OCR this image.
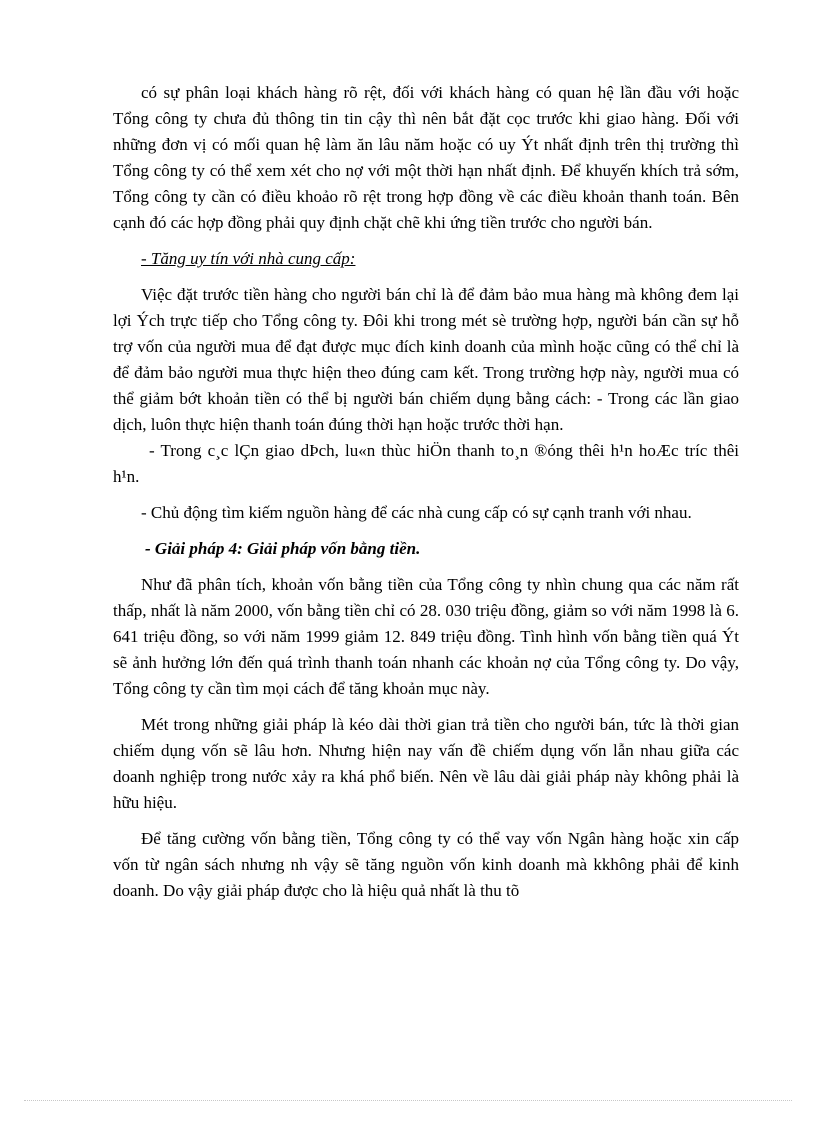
có sự phân loại khách hàng rõ rệt, đối với khách hàng có quan hệ lần đầu với hoặc Tổng công ty chưa đủ thông tin tin cậy thì nên bắt đặt cọc trước khi giao hàng. Đối với những đơn vị có mối quan hệ làm ăn lâu năm hoặc có uy Ýt nhất định trên thị trường thì Tổng công ty có thể xem xét cho nợ với một thời hạn nhất định. Để khuyến khích trả sớm, Tổng công ty cần có điều khoảo rõ rệt trong hợp đồng về các điều khoản thanh toán. Bên cạnh đó các hợp đồng phải quy định chặt chẽ khi ứng tiền trước cho người bán.

- Tăng uy tín với nhà cung cấp:

Việc đặt trước tiền hàng cho người bán chỉ là để đảm bảo mua hàng mà không đem lại lợi Ých trực tiếp cho Tổng công ty. Đôi khi trong mét sè trường hợp, người bán cần sự hỗ trợ vốn của người mua để đạt được mục đích kinh doanh của mình hoặc cũng có thể chỉ là để đảm bảo người mua thực hiện theo đúng cam kết. Trong trường hợp này, người mua có thể giảm bớt khoản tiền có thể bị người bán chiếm dụng bằng cách: - Trong các lần giao dịch, luôn thực hiện thanh toán đúng thời hạn hoặc trước thời hạn.

- Trong c¸c lÇn giao dÞch, lu«n thùc hiÖn thanh to¸n ®óng thêi h¹n hoÆc tríc thêi h¹n.

- Chủ động tìm kiếm nguồn hàng để các nhà cung cấp có sự cạnh tranh với nhau.

- Giải pháp 4: Giải pháp vốn bằng tiền.

Như đã phân tích, khoản vốn bằng tiền của Tổng công ty nhìn chung qua các năm rất thấp, nhất là năm 2000, vốn bằng tiền chỉ có 28. 030 triệu đồng, giảm so với năm 1998 là 6. 641 triệu đồng, so với năm 1999 giảm 12. 849 triệu đồng. Tình hình vốn bằng tiền quá Ýt sẽ ảnh hưởng lớn đến quá trình thanh toán nhanh các khoản nợ của Tổng công ty. Do vậy, Tổng công ty cần tìm mọi cách để tăng khoản mục này.

Mét trong những giải pháp là kéo dài thời gian trả tiền cho người bán, tức là thời gian chiếm dụng vốn sẽ lâu hơn. Nhưng hiện nay vấn đề chiếm dụng vốn lẫn nhau giữa các doanh nghiệp trong nước xảy ra khá phổ biến. Nên về lâu dài giải pháp này không phải là hữu hiệu.

Để tăng cường vốn bằng tiền, Tổng công ty có thể vay vốn Ngân hàng hoặc xin cấp vốn từ ngân sách nhưng nh vậy sẽ tăng nguồn vốn kinh doanh mà kkhông phải để kinh doanh. Do vậy giải pháp được cho là hiệu quả nhất là thu tõ
